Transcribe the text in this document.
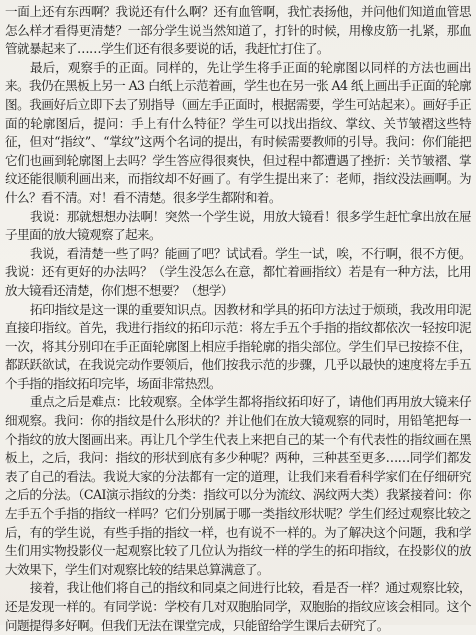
一面上还有东西啊？我说还有什么啊？还有血管啊，我忙表扬他，并问他们知道血管思怎么样才看得更清楚？一部分学生说当然知道了，打针的时候，用橡皮筋一扎紧，那血管就暴起来了……学生们还有很多要说的话，我赶忙打住了。

最后，观察手的正面。同样的，先让学生将手正面的轮廓图以同样的方法也画出来。我仍在黑板上另一 A3 白纸上示范着画，学生也在另一张 A4 纸上画出手正面的轮廓图。我画好后立即下去了别指导（画左手正面时，根据需要，学生可站起来）。画好手正面的轮廓图后，提问：手上有什么特征？学生可以找出指纹、掌纹、关节皱褶这些特征，但对“指纹”、“掌纹”这两个名词的提出，有时候需要教师的引导。我问：你们能把它们也画到轮廓图上去吗？学生答应得很爽快，但过程中都遭遇了挫折：关节皱褶、掌纹还能很顺利画出来，而指纹却不好画了。有学生提出来了：老师，指纹没法画啊。为什么？看不清。对！看不清楚。很多学生都附和着。

我说：那就想想办法啊！突然一个学生说，用放大镜看！很多学生赶忙拿出放在屉子里面的放大镜观察了起来。

我说，看清楚一些了吗？能画了吧？试试看。学生一试，唉，不行啊，很不方便。我说：还有更好的办法吗？（学生没怎么在意，都忙着画指纹）若是有一种方法，比用放大镜看还清楚，你们想不想要？（想学）

拓印指纹是这一课的重要知识点。因教材和学具的拓印方法过于烦琐，我改用印泥直接印指纹。首先，我进行指纹的拓印示范：将左手五个手指的指纹都依次一轻按印泥一次，将其分别印在手正面轮廓图上相应手指轮廓的指尖部位。学生们早已按捺不住，都跃跃欲试，在我说完动作要领后，他们按我示范的步骤，几乎以最快的速度将左手五个手指的指纹拓印完毕，场面非常热烈。

重点之后是难点：比较观察。全体学生都将指纹拓印好了，请他们再用放大镜来仔细观察。我问：你的指纹是什么形状的？并让他们在放大镜观察的同时，用铅笔把每一个指纹的放大图画出来。再让几个学生代表上来把自己的某一个有代表性的指纹画在黑板上，之后，我问：指纹的形状到底有多少种呢？两种，三种甚至更多……同学们都发表了自己的看法。我说大家的分法都有一定的道理，让我们来看看科学家们在仔细研究之后的分法。（CAI演示指纹的分类：指纹可以分为流纹、涡纹两大类）我紧接着问：你左手五个手指的指纹一样吗？它们分别属于哪一类指纹形状呢？学生们经过观察比较之后，有的学生说，有些手指的指纹一样，也有说不一样的。为了解决这个问题，我和学生们用实物投影仪一起观察比较了几位认为指纹一样的学生的拓印指纹，在投影仪的放大效果下，学生们对观察比较的结果总算满意了。

接着，我让他们将自己的指纹和同桌之间进行比较，看是否一样？通过观察比较，还是发现一样的。有同学说：学校有几对双胞胎同学，双胞胎的指纹应该会相同。这个问题提得多好啊。但我们无法在课堂完成，只能留给学生课后去研究了。
